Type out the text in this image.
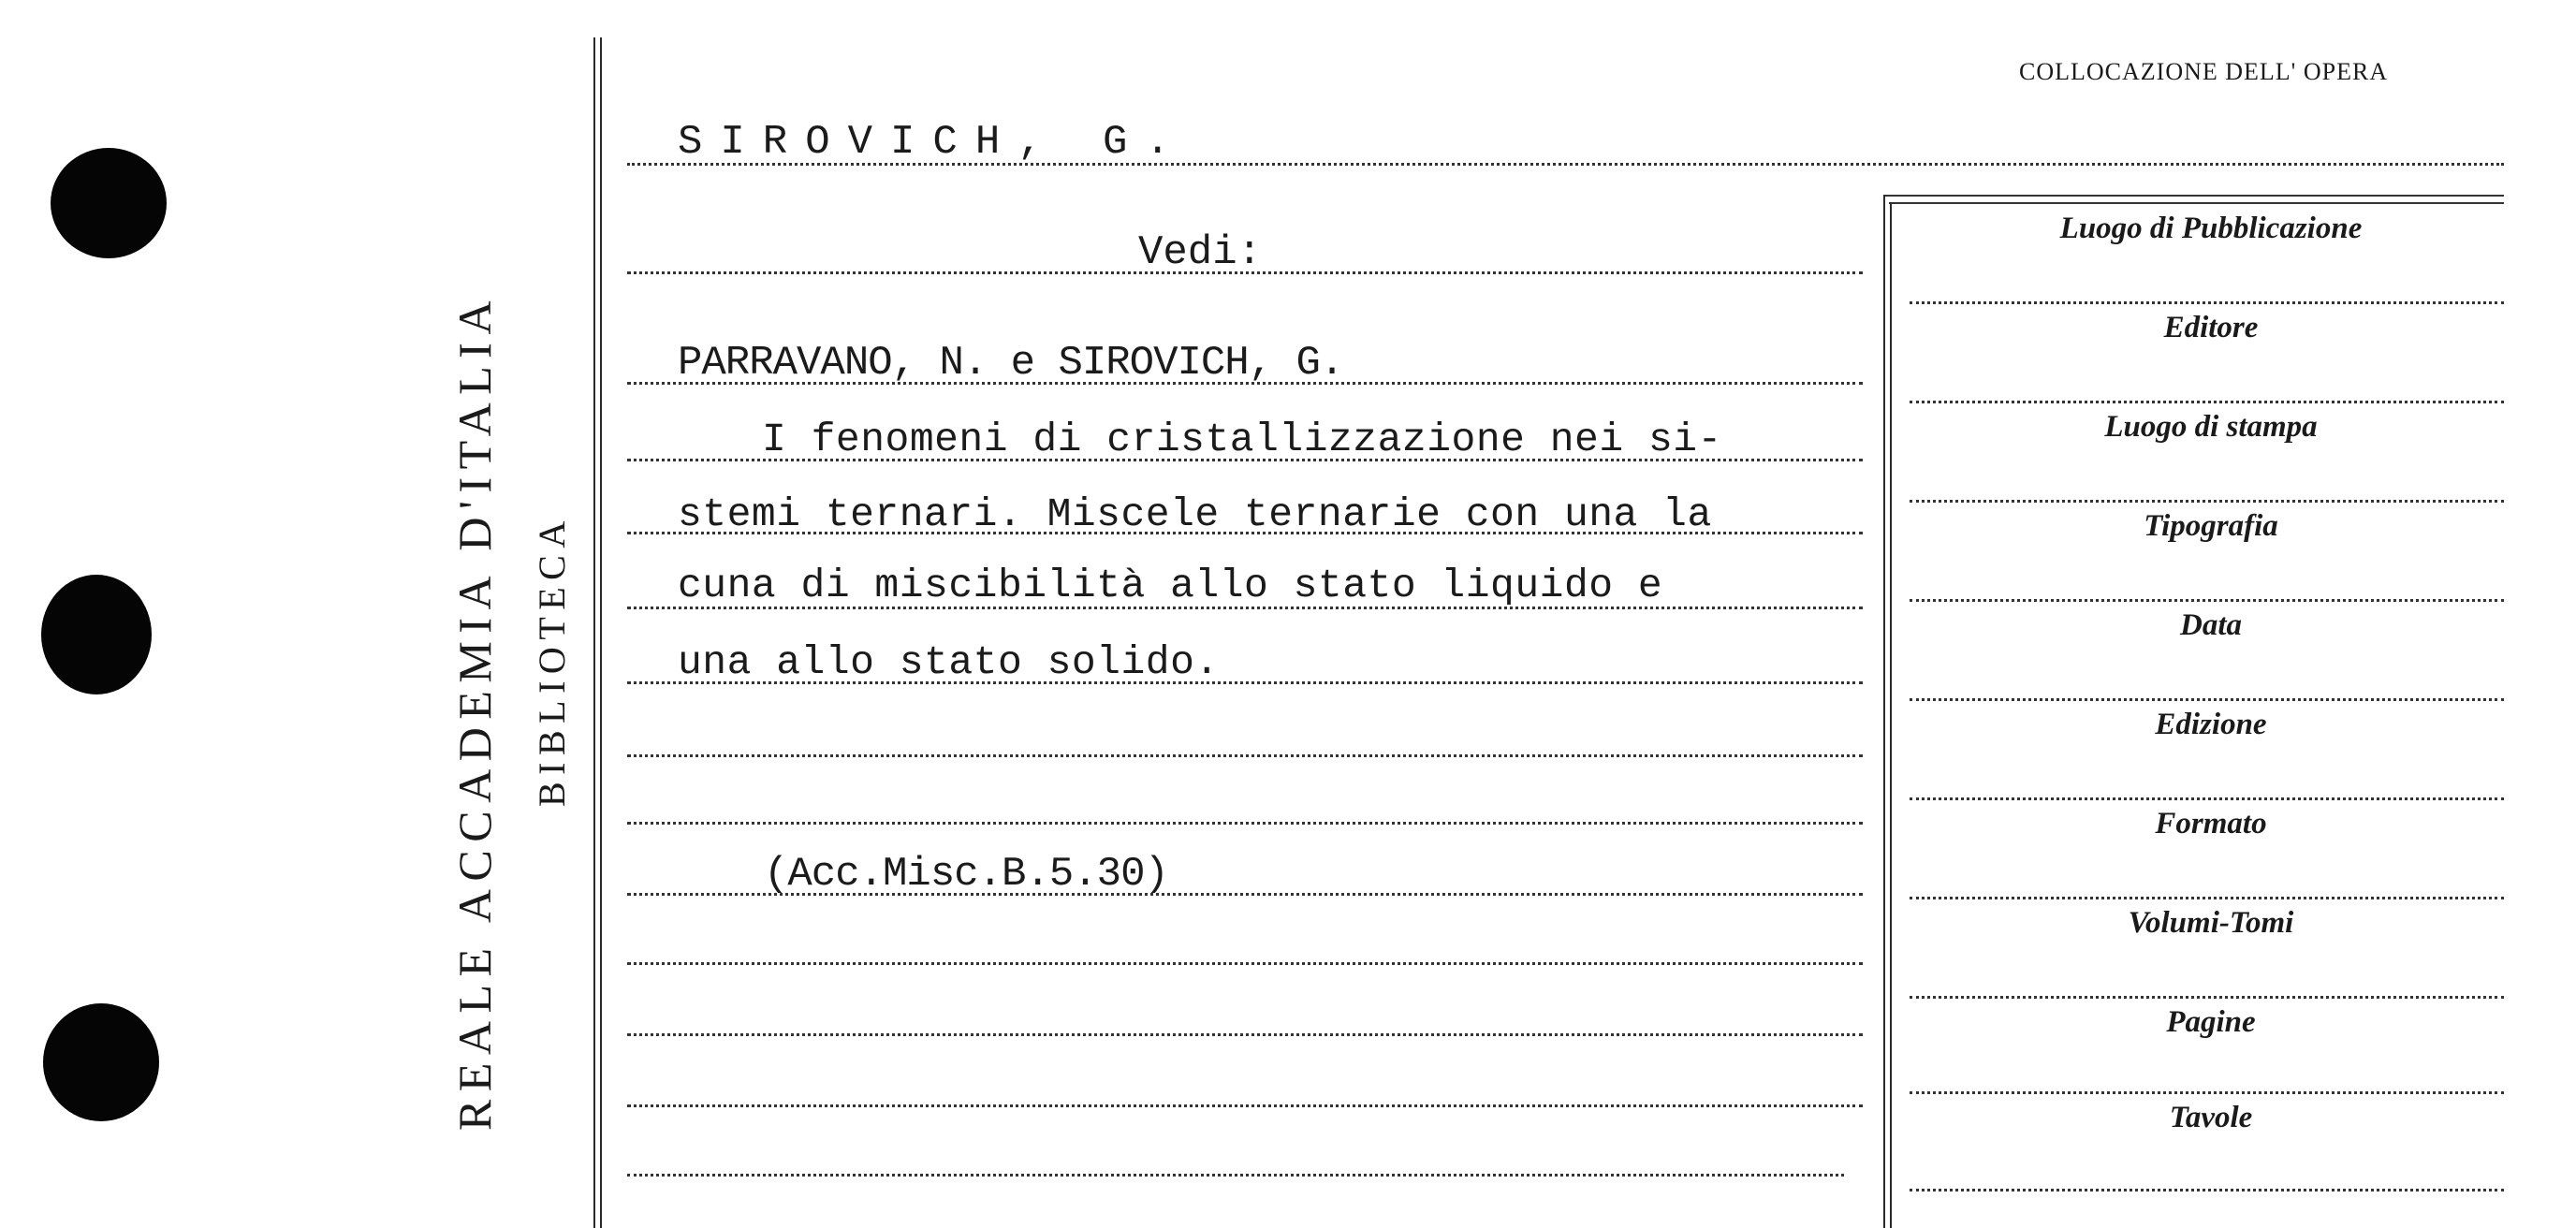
REALE ACCADEMIA D'ITALIA BIBLIOTECA
COLLOCAZIONE DELL' OPERA
SIROVICH, G.
Vedi:
PARRAVANO, N. e SIROVICH, G.
I fenomeni di cristallizzazione nei si-
stemi ternari. Miscele ternarie con una la
cuna di miscibilità allo stato liquido e
una allo stato solido.
(Acc.Misc.B.5.30)
Luogo di Pubblicazione
Editore
Luogo di stampa
Tipografia
Data
Edizione
Formato
Volumi-Tomi
Pagine
Tavole
